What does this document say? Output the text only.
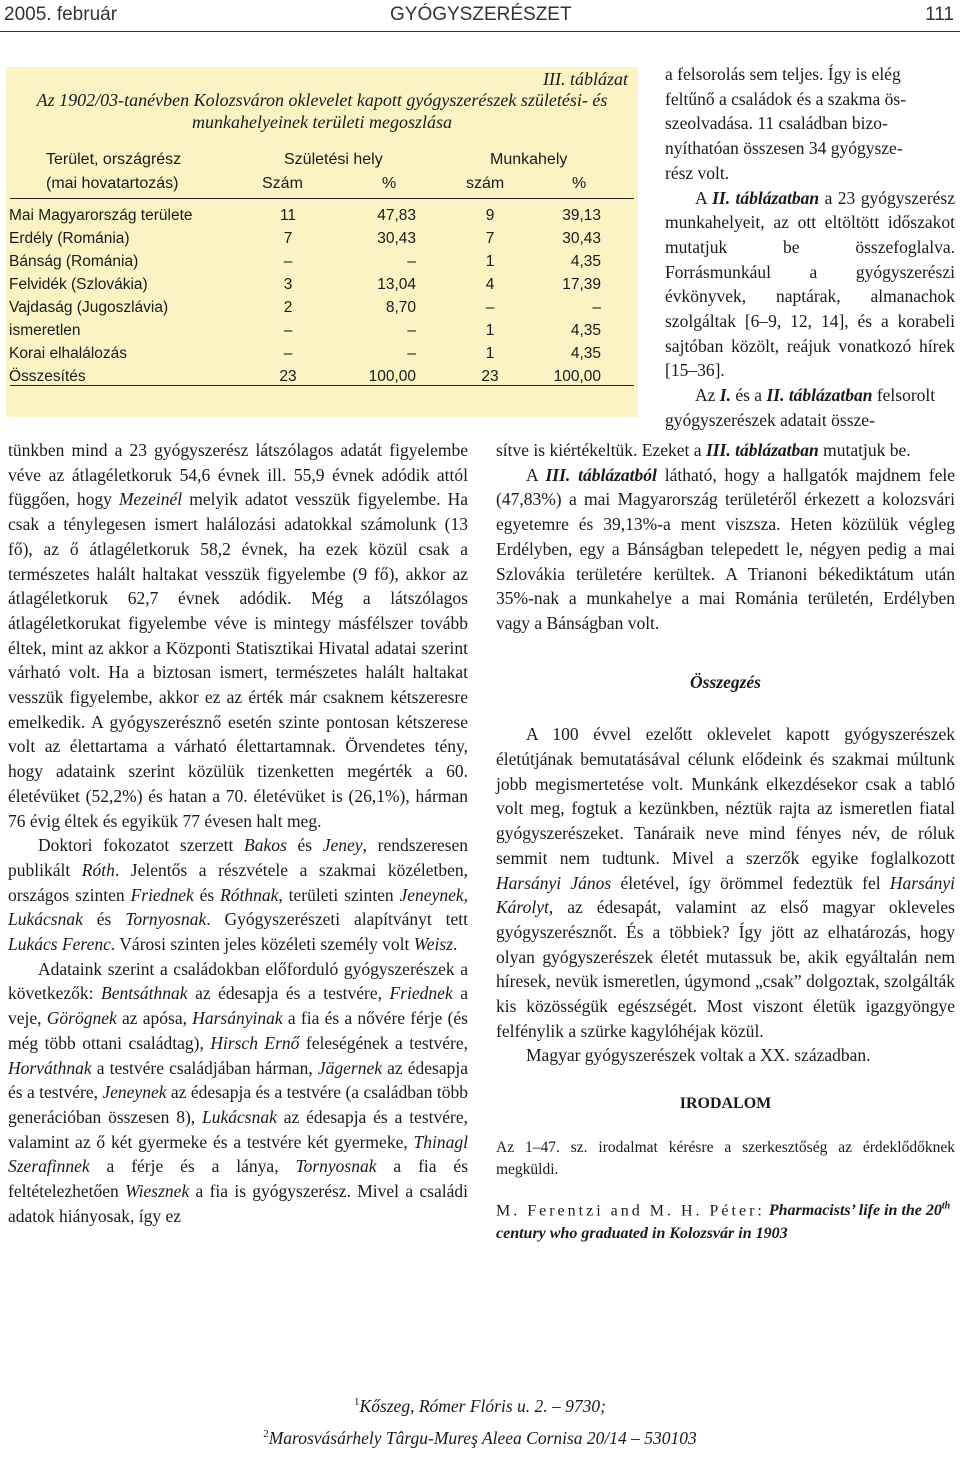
2005. február	GYÓGYSZERÉSZET	111
III. táblázat
Az 1902/03-tanévben Kolozsváron oklevelet kapott gyógyszerészek születési- és
munkahelyeinek területi megoszlása
Terület, országrész
(mai hovatartozás)
Születési hely	Munkahely
Szám	%	szám	%
Mai Magyarország területe	11	47,83	9	39,13
Erdély (Románia)	7	30,43	7	30,43
Bánság (Románia)	–	–	1	4,35
Felvidék (Szlovákia)	3	13,04	4	17,39
Vajdaság (Jugoszlávia)	2	8,70	–	–
ismeretlen	–	–	1	4,35
Korai elhalálozás	–	–	1	4,35
Összesítés	23	100,00	23	100,00

a felsorolás sem teljes. Így is elég

feltűnő a családok és a szakma ös-

szeolvadása. 11 családban bizo-

nyíthatóan összesen 34 gyógysze-

rész volt.

A II. táblázatban a 23 gyógyszerész munkahelyeit, az ott eltöltött időszakot mutatjuk be összefoglalva. Forrásmunkául a gyógyszerészi évkönyvek, naptárak, almanachok szolgáltak [6–9, 12, 14], és a korabeli sajtóban közölt, reájuk vonatkozó hírek [15–36].

Az I. és a II. táblázatban felsorolt gyógyszerészek adatait össze-

sítve is kiértékeltük. Ezeket a III. táblázatban mutatjuk be.

A III. táblázatból látható, hogy a hallgatók majdnem fele (47,83%) a mai Magyarország területéről érkezett a kolozsvári egyetemre és 39,13%-a ment viszsza. Heten közülük végleg Erdélyben, egy a Bánságban telepedett le, négyen pedig a mai Szlovákia területére kerültek. A Trianoni békediktátum után 35%-nak a munkahelye a mai Románia területén, Erdélyben vagy a Bánságban volt.

Összegzés

A 100 évvel ezelőtt oklevelet kapott gyógyszerészek életútjának bemutatásával célunk elődeink és szakmai múltunk jobb megismertetése volt. Munkánk elkezdésekor csak a tabló volt meg, fogtuk a kezünkben, néztük rajta az ismeretlen fiatal gyógyszerészeket. Tanáraik neve mind fényes név, de róluk semmit nem tudtunk. Mivel a szerzők egyike foglalkozott Harsányi János életével, így örömmel fedeztük fel Harsányi Károlyt, az édesapát, valamint az első magyar okleveles gyógyszerésznőt. És a többiek? Így jött az elhatározás, hogy olyan gyógyszerészek életét mutassuk be, akik egyáltalán nem híresek, nevük ismeretlen, úgymond „csak” dolgoztak, szolgálták kis közösségük egészségét. Most viszont életük igazgyöngye felfénylik a szürke kagylóhéjak közül.

Magyar gyógyszerészek voltak a XX. században.

IRODALOM

Az 1–47. sz. irodalmat kérésre a szerkesztőség az érdeklődőknek megküldi.

M. Ferentzi and M. H. Péter: Pharmacists’ life in the 20th century who graduated in Kolozsvár in 1903

tünkben mind a 23 gyógyszerész látszólagos adatát figyelembe véve az átlagéletkoruk 54,6 évnek ill. 55,9 évnek adódik attól függően, hogy Mezeinél melyik adatot vesszük figyelembe. Ha csak a ténylegesen ismert halálozási adatokkal számolunk (13 fő), az ő átlagéletkoruk 58,2 évnek, ha ezek közül csak a természetes halált haltakat vesszük figyelembe (9 fő), akkor az átlagéletkoruk 62,7 évnek adódik. Még a látszólagos átlagéletkorukat figyelembe véve is mintegy másfélszer tovább éltek, mint az akkor a Központi Statisztikai Hivatal adatai szerint várható volt. Ha a biztosan ismert, természetes halált haltakat vesszük figyelembe, akkor ez az érték már csaknem kétszeresre emelkedik. A gyógyszerésznő esetén szinte pontosan kétszerese volt az élettartama a várható élettartamnak. Örvendetes tény, hogy adataink szerint közülük tizenketten megérték a 60. életévüket (52,2%) és hatan a 70. életévüket is (26,1%), hárman 76 évig éltek és egyikük 77 évesen halt meg.

Doktori fokozatot szerzett Bakos és Jeney, rendszeresen publikált Róth. Jelentős a részvétele a szakmai közéletben, országos szinten Friednek és Róthnak, területi szinten Jeneynek, Lukácsnak és Tornyosnak. Gyógyszerészeti alapítványt tett Lukács Ferenc. Városi szinten jeles közéleti személy volt Weisz.

Adataink szerint a családokban előforduló gyógyszerészek a következők: Bentsáthnak az édesapja és a testvére, Friednek a veje, Görögnek az apósa, Harsányinak a fia és a nővére férje (és még több ottani családtag), Hirsch Ernő feleségének a testvére, Horváthnak a testvére családjában hárman, Jägernek az édesapja és a testvére, Jeneynek az édesapja és a testvére (a családban több generációban összesen 8), Lukácsnak az édesapja és a testvére, valamint az ő két gyermeke és a testvére két gyermeke, Thinagl Szerafinnek a férje és a lánya, Tornyosnak a fia és feltételezhetően Wiesznek a fia is gyógyszerész. Mivel a családi adatok hiányosak, így ez

$^1$Kőszeg, Rómer Flóris u. 2. – 9730;
$^2$Marosvásárhely Târgu-Mureş Aleea Cornisa 20/14 – 530103
